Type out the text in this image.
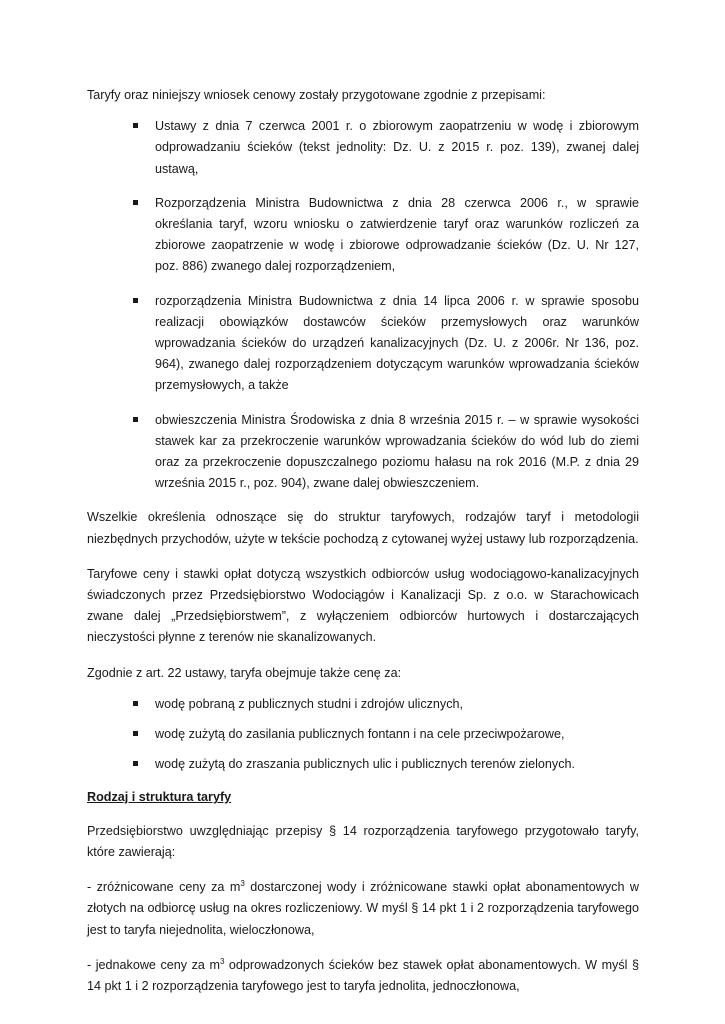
Taryfy oraz niniejszy wniosek cenowy zostały przygotowane zgodnie z przepisami:

Ustawy z dnia 7 czerwca 2001 r. o zbiorowym zaopatrzeniu w wodę i zbiorowym odprowadzaniu ścieków (tekst jednolity: Dz. U. z 2015 r. poz. 139), zwanej dalej ustawą,
Rozporządzenia Ministra Budownictwa z dnia 28 czerwca 2006 r., w sprawie określania taryf, wzoru wniosku o zatwierdzenie taryf oraz warunków rozliczeń za zbiorowe zaopatrzenie w wodę i zbiorowe odprowadzanie ścieków (Dz. U. Nr 127, poz. 886) zwanego dalej rozporządzeniem,
rozporządzenia Ministra Budownictwa z dnia 14 lipca 2006 r. w sprawie sposobu realizacji obowiązków dostawców ścieków przemysłowych oraz warunków wprowadzania ścieków do urządzeń kanalizacyjnych (Dz. U. z 2006r. Nr 136, poz. 964), zwanego dalej rozporządzeniem dotyczącym warunków wprowadzania ścieków przemysłowych, a także
obwieszczenia Ministra Środowiska z dnia 8 września 2015 r. – w sprawie wysokości stawek kar za przekroczenie warunków wprowadzania ścieków do wód lub do ziemi oraz za przekroczenie dopuszczalnego poziomu hałasu na rok 2016 (M.P. z dnia 29 września 2015 r., poz. 904), zwane dalej obwieszczeniem.

Wszelkie określenia odnoszące się do struktur taryfowych, rodzajów taryf i metodologii niezbędnych przychodów, użyte w tekście pochodzą z cytowanej wyżej ustawy lub rozporządzenia.

Taryfowe ceny i stawki opłat dotyczą wszystkich odbiorców usług wodociągowo-kanalizacyjnych świadczonych przez Przedsiębiorstwo Wodociągów i Kanalizacji Sp. z o.o. w Starachowicach zwane dalej „Przedsiębiorstwem”, z wyłączeniem odbiorców hurtowych i dostarczających nieczystości płynne z terenów nie skanalizowanych.

Zgodnie z art. 22 ustawy, taryfa obejmuje także cenę za:

wodę pobraną z publicznych studni i zdrojów ulicznych,
wodę zużytą do zasilania publicznych fontann i na cele przeciwpożarowe,
wodę zużytą do zraszania publicznych ulic i publicznych terenów zielonych.

Rodzaj i struktura taryfy

Przedsiębiorstwo uwzględniając przepisy § 14 rozporządzenia taryfowego przygotowało taryfy, które zawierają:

- zróżnicowane ceny za $m^3$ dostarczonej wody i zróżnicowane stawki opłat abonamentowych w złotych na odbiorcę usług na okres rozliczeniowy. W myśl § 14 pkt 1 i 2 rozporządzenia taryfowego jest to taryfa niejednolita, wieloczłonowa,

- jednakowe ceny za $m^3$ odprowadzonych ścieków bez stawek opłat abonamentowych. W myśl § 14 pkt 1 i 2 rozporządzenia taryfowego jest to taryfa jednolita, jednoczłonowa,
